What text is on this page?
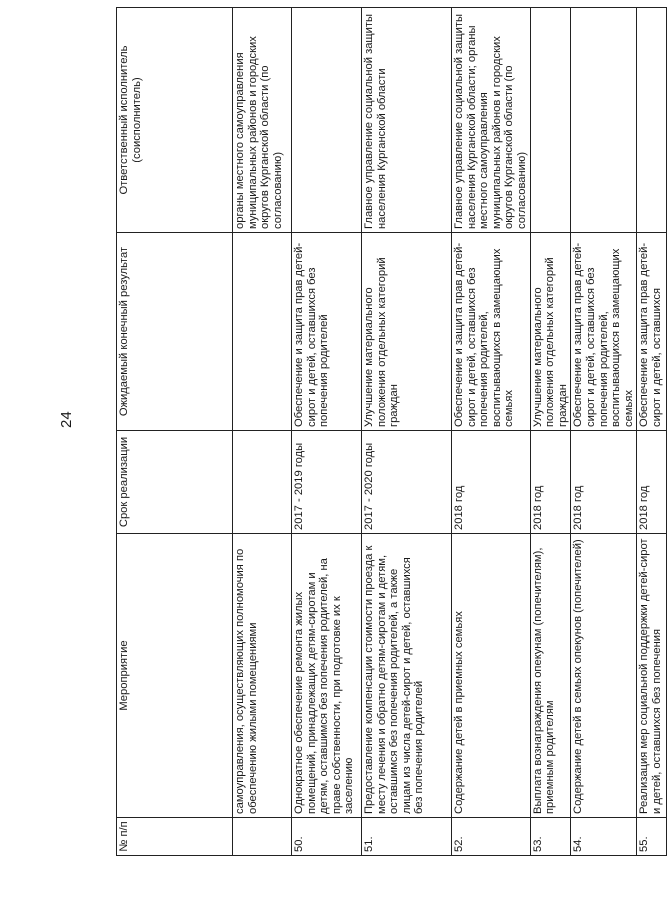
24
№ п/п	Мероприятие	Срок реализации	Ожидаемый конечный результат	Ответственный исполнитель (соисполнитель)
	самоуправления, осуществляющих полномочия по обеспечению жилыми помещениями			органы местного самоуправления муниципальных районов и городских округов Курганской области (по согласованию)
50.	Однократное обеспечение ремонта жилых помещений, принадлежащих детям-сиротам и детям, оставшимся без попечения родителей, на праве собственности, при подготовке их к заселению	2017 - 2019 годы	Обеспечение и защита прав детей-сирот и детей, оставшихся без попечения родителей	
51.	Предоставление компенсации стоимости проезда к месту лечения и обратно детям-сиротам и детям, оставшимся без попечения родителей, а также лицам из числа детей-сирот и детей, оставшихся без попечения родителей	2017 - 2020 годы	Улучшение материального положения отдельных категорий граждан	Главное управление социальной защиты населения Курганской области
52.	Содержание детей в приемных семьях	2018 год	Обеспечение и защита прав детей-сирот и детей, оставшихся без попечения родителей, воспитывающихся в замещающих семьях	Главное управление социальной защиты населения Курганской области; органы местного самоуправления муниципальных районов и городских округов Курганской области (по согласованию)
53.	Выплата вознаграждения опекунам (попечителям), приемным родителям	2018 год	Улучшение материального положения отдельных категорий граждан	
54.	Содержание детей в семьях опекунов (попечителей)	2018 год	Обеспечение и защита прав детей-сирот и детей, оставшихся без попечения родителей, воспитывающихся в замещающих семьях	
55.	Реализация мер социальной поддержки детей-сирот и детей, оставшихся без попечения	2018 год	Обеспечение и защита прав детей-сирот и детей, оставшихся	
